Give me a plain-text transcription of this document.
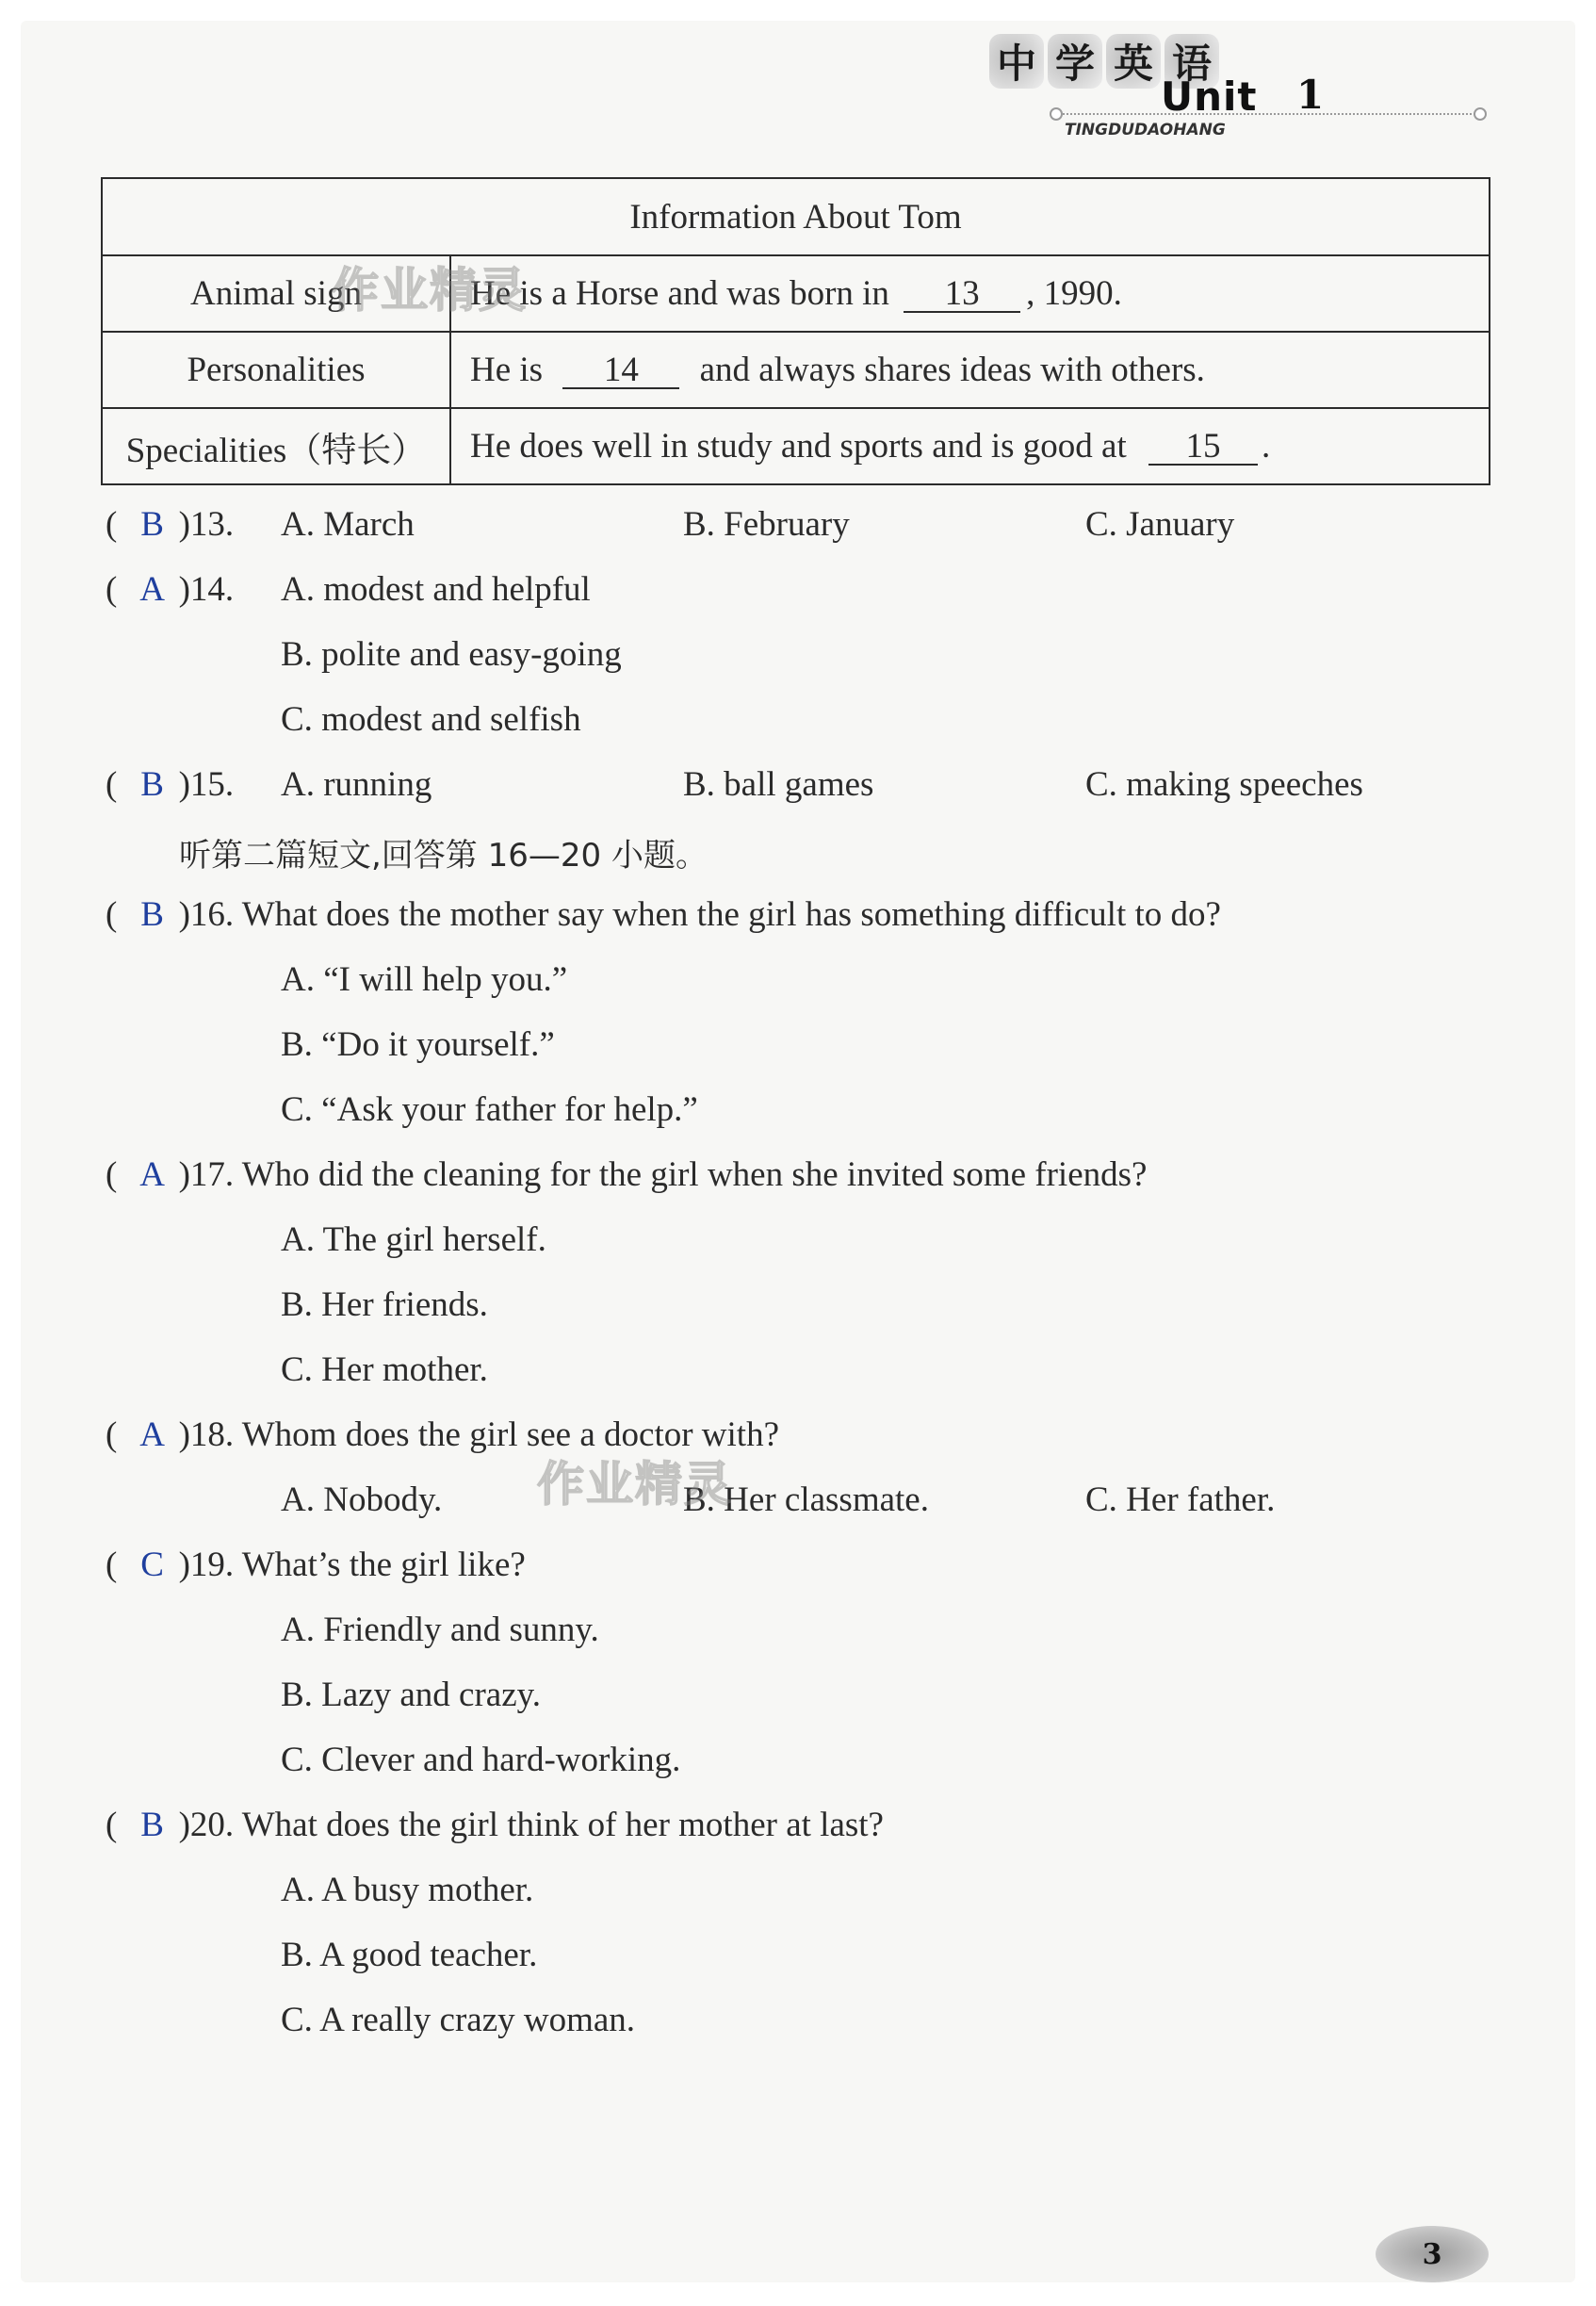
中 学 英 语
Unit 1
TINGDUDAOHANG
Information About Tom	
Animal sign	He is a Horse and was born in 13 , 1990.
Personalities	He is 14 and always shares ideas with others.
Specialities（特长）	He does well in study and sports and is good at 15 .
( B )13. A. March	B. February	C. January
( A )14. A. modest and helpful
B. polite and easy-going
C. modest and selfish
( B )15. A. running	B. ball games	C. making speeches
听第二篇短文,回答第 16—20 小题。
( B )16. What does the mother say when the girl has something difficult to do?
A. “I will help you.”
B. “Do it yourself.”
C. “Ask your father for help.”
( A )17. Who did the cleaning for the girl when she invited some friends?
A. The girl herself.
B. Her friends.
C. Her mother.
( A )18. Whom does the girl see a doctor with?
A. Nobody.	B. Her classmate.	C. Her father.
( C )19. What’s the girl like?
A. Friendly and sunny.
B. Lazy and crazy.
C. Clever and hard-working.
( B )20. What does the girl think of her mother at last?
A. A busy mother.
B. A good teacher.
C. A really crazy woman.
作业精灵
作业精灵
3
